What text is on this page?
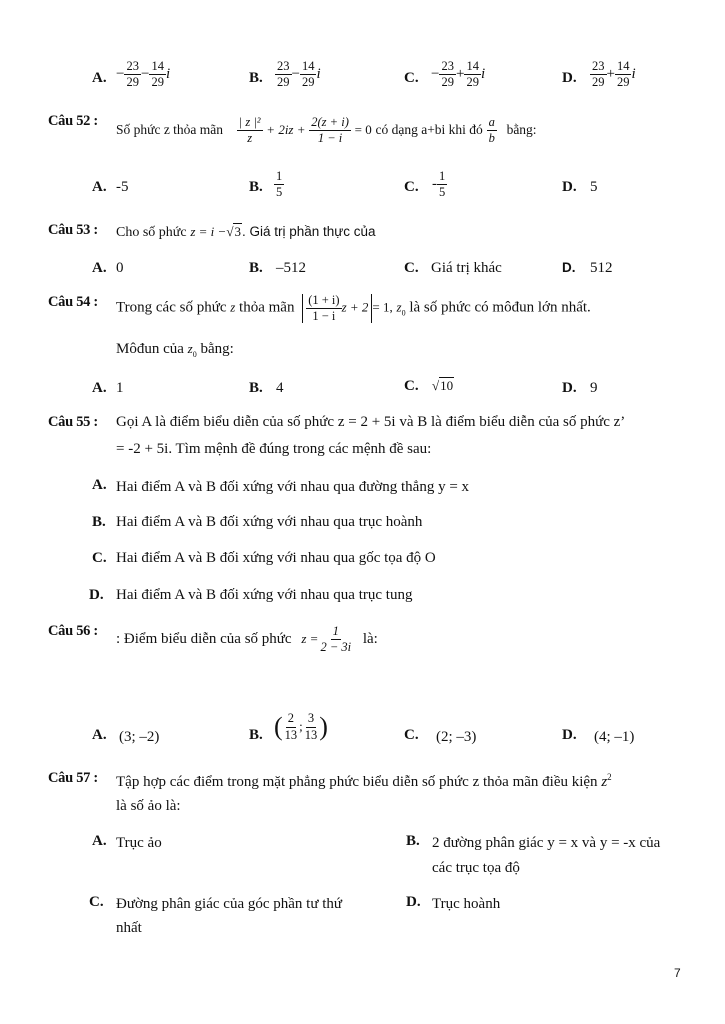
A. − $\frac{23}{29} - \frac{14}{29}$ i	B. $\frac{23}{29} - \frac{14}{29}$ i	C. − $\frac{23}{29} + \frac{14}{29}$ i	D. $\frac{23}{29} + \frac{14}{29}$ i
Câu 52 :
Số phức z thỏa mãn $\frac{\text{| z |²}}{z} + 2iz + \frac{2(z + i)}{1 - i} = 0$ có dạng a+bi khi đó $\frac{a}{b}$ bằng:
A. -5	B. $\frac{1}{5}$	C. - $\frac{1}{5}$	D. 5
Câu 53 : Cho số phức z = i −√3. Giá trị phần thực của
A. 0	B. –512	C. Giá trị khác	D. 512
Câu 54 : Trong các số phức z thỏa mãn $\frac{(1 + i)}{1 - i}$ z + 2 = 1, $z_0$ là số phức có môđun lớn nhất.
Môđun của $z_0$ bằng:
A. 1	B. 4	C. √10	D. 9
Câu 55 : Gọi A là điểm biểu diễn của số phức z = 2 + 5i và B là điểm biểu diễn của số phức z’
= -2 + 5i. Tìm mệnh đề đúng trong các mệnh đề sau:
A. Hai điểm A và B đối xứng với nhau qua đường thẳng y = x
B. Hai điểm A và B đối xứng với nhau qua trục hoành
C. Hai điểm A và B đối xứng với nhau qua gốc tọa độ O
D. Hai điểm A và B đối xứng với nhau qua trục tung
Câu 56 :
: Điểm biểu diễn của số phức $z = \frac{1}{2 - 3i}$ là:
A. (3; –2)	B. ( $\frac{2}{13}$ ; $\frac{3}{13}$ )	C. (2; –3)	D. (4; –1)
Câu 57 : Tập hợp các điểm trong mặt phẳng phức biểu diễn số phức z thỏa mãn điều kiện $z^2$
là số ảo là:
A. Trục ảo	B. 2 đường phân giác y = x và y = -x của
các trục tọa độ
C. Đường phân giác của góc phần tư thứ
nhất
D. Trục hoành
7
